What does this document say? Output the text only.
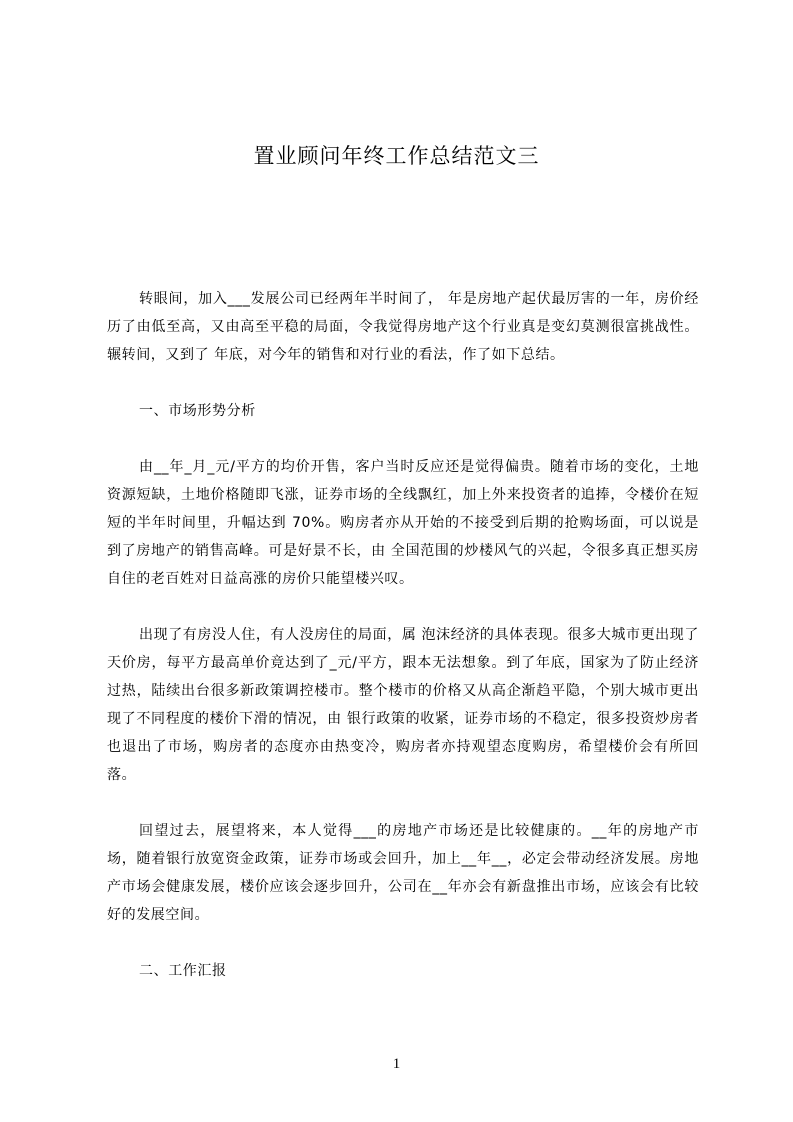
置业顾问年终工作总结范文三

转眼间，加入___发展公司已经两年半时间了， 年是房地产起伏最厉害的一年，房价经历了由低至高，又由高至平稳的局面，令我觉得房地产这个行业真是变幻莫测很富挑战性。辗转间，又到了 年底，对今年的销售和对行业的看法，作了如下总结。

一、市场形势分析

由__年_月_元/平方的均价开售，客户当时反应还是觉得偏贵。随着市场的变化，土地资源短缺，土地价格随即飞涨，证券市场的全线飘红，加上外来投资者的追捧，令楼价在短短的半年时间里，升幅达到 70%。购房者亦从开始的不接受到后期的抢购场面，可以说是到了房地产的销售高峰。可是好景不长，由 全国范围的炒楼风气的兴起，令很多真正想买房自住的老百姓对日益高涨的房价只能望楼兴叹。

出现了有房没人住，有人没房住的局面，属 泡沫经济的具体表现。很多大城市更出现了天价房，每平方最高单价竟达到了_元/平方，跟本无法想象。到了年底，国家为了防止经济过热，陆续出台很多新政策调控楼市。整个楼市的价格又从高企渐趋平隐，个别大城市更出现了不同程度的楼价下滑的情况，由 银行政策的收紧，证券市场的不稳定，很多投资炒房者也退出了市场，购房者的态度亦由热变冷，购房者亦持观望态度购房，希望楼价会有所回落。

回望过去，展望将来，本人觉得___的房地产市场还是比较健康的。__年的房地产市场，随着银行放宽资金政策，证券市场或会回升，加上__年__，必定会带动经济发展。房地产市场会健康发展，楼价应该会逐步回升，公司在__年亦会有新盘推出市场，应该会有比较好的发展空间。

二、工作汇报

1
